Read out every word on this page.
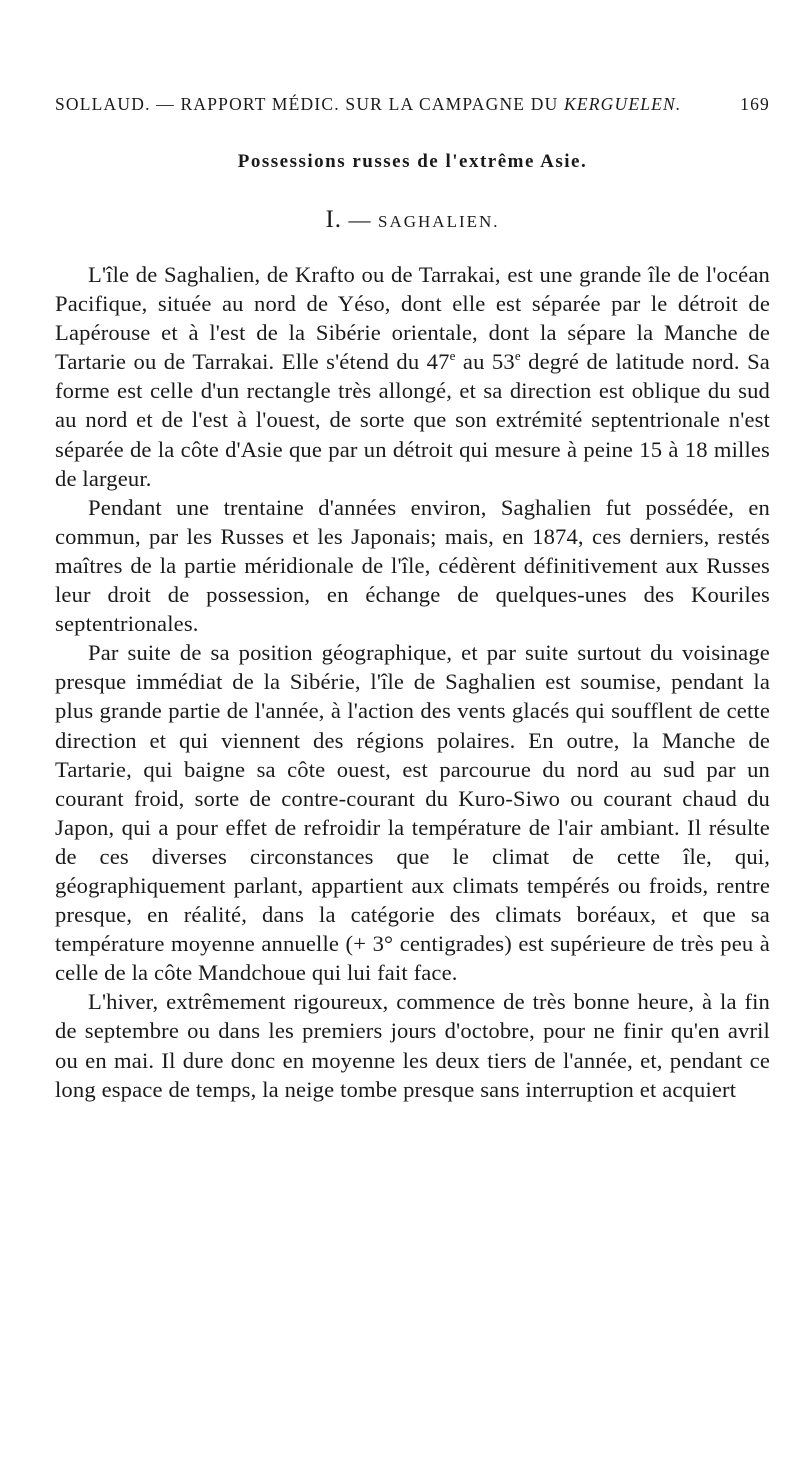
SOLLAUD. — RAPPORT MÉDIC. SUR LA CAMPAGNE DU KERGUELEN.	169
Possessions russes de l'extrême Asie.
I. — SAGHALIEN.

L'île de Saghalien, de Krafto ou de Tarrakai, est une grande île de l'océan Pacifique, située au nord de Yéso, dont elle est séparée par le détroit de Lapérouse et à l'est de la Sibérie orientale, dont la sépare la Manche de Tartarie ou de Tarrakai. Elle s'étend du 47e au 53e degré de latitude nord. Sa forme est celle d'un rectangle très allongé, et sa direction est oblique du sud au nord et de l'est à l'ouest, de sorte que son extrémité septentrionale n'est séparée de la côte d'Asie que par un détroit qui mesure à peine 15 à 18 milles de largeur.

Pendant une trentaine d'années environ, Saghalien fut possédée, en commun, par les Russes et les Japonais; mais, en 1874, ces derniers, restés maîtres de la partie méridionale de l'île, cédèrent définitivement aux Russes leur droit de possession, en échange de quelques-unes des Kouriles septentrionales.

Par suite de sa position géographique, et par suite surtout du voisinage presque immédiat de la Sibérie, l'île de Saghalien est soumise, pendant la plus grande partie de l'année, à l'action des vents glacés qui soufflent de cette direction et qui viennent des régions polaires. En outre, la Manche de Tartarie, qui baigne sa côte ouest, est parcourue du nord au sud par un courant froid, sorte de contre-courant du Kuro-Siwo ou courant chaud du Japon, qui a pour effet de refroidir la température de l'air ambiant. Il résulte de ces diverses circonstances que le climat de cette île, qui, géographiquement parlant, appartient aux climats tempérés ou froids, rentre presque, en réalité, dans la catégorie des climats boréaux, et que sa température moyenne annuelle (+ 3° centigrades) est supérieure de très peu à celle de la côte Mandchoue qui lui fait face.

L'hiver, extrêmement rigoureux, commence de très bonne heure, à la fin de septembre ou dans les premiers jours d'octobre, pour ne finir qu'en avril ou en mai. Il dure donc en moyenne les deux tiers de l'année, et, pendant ce long espace de temps, la neige tombe presque sans interruption et acquiert
